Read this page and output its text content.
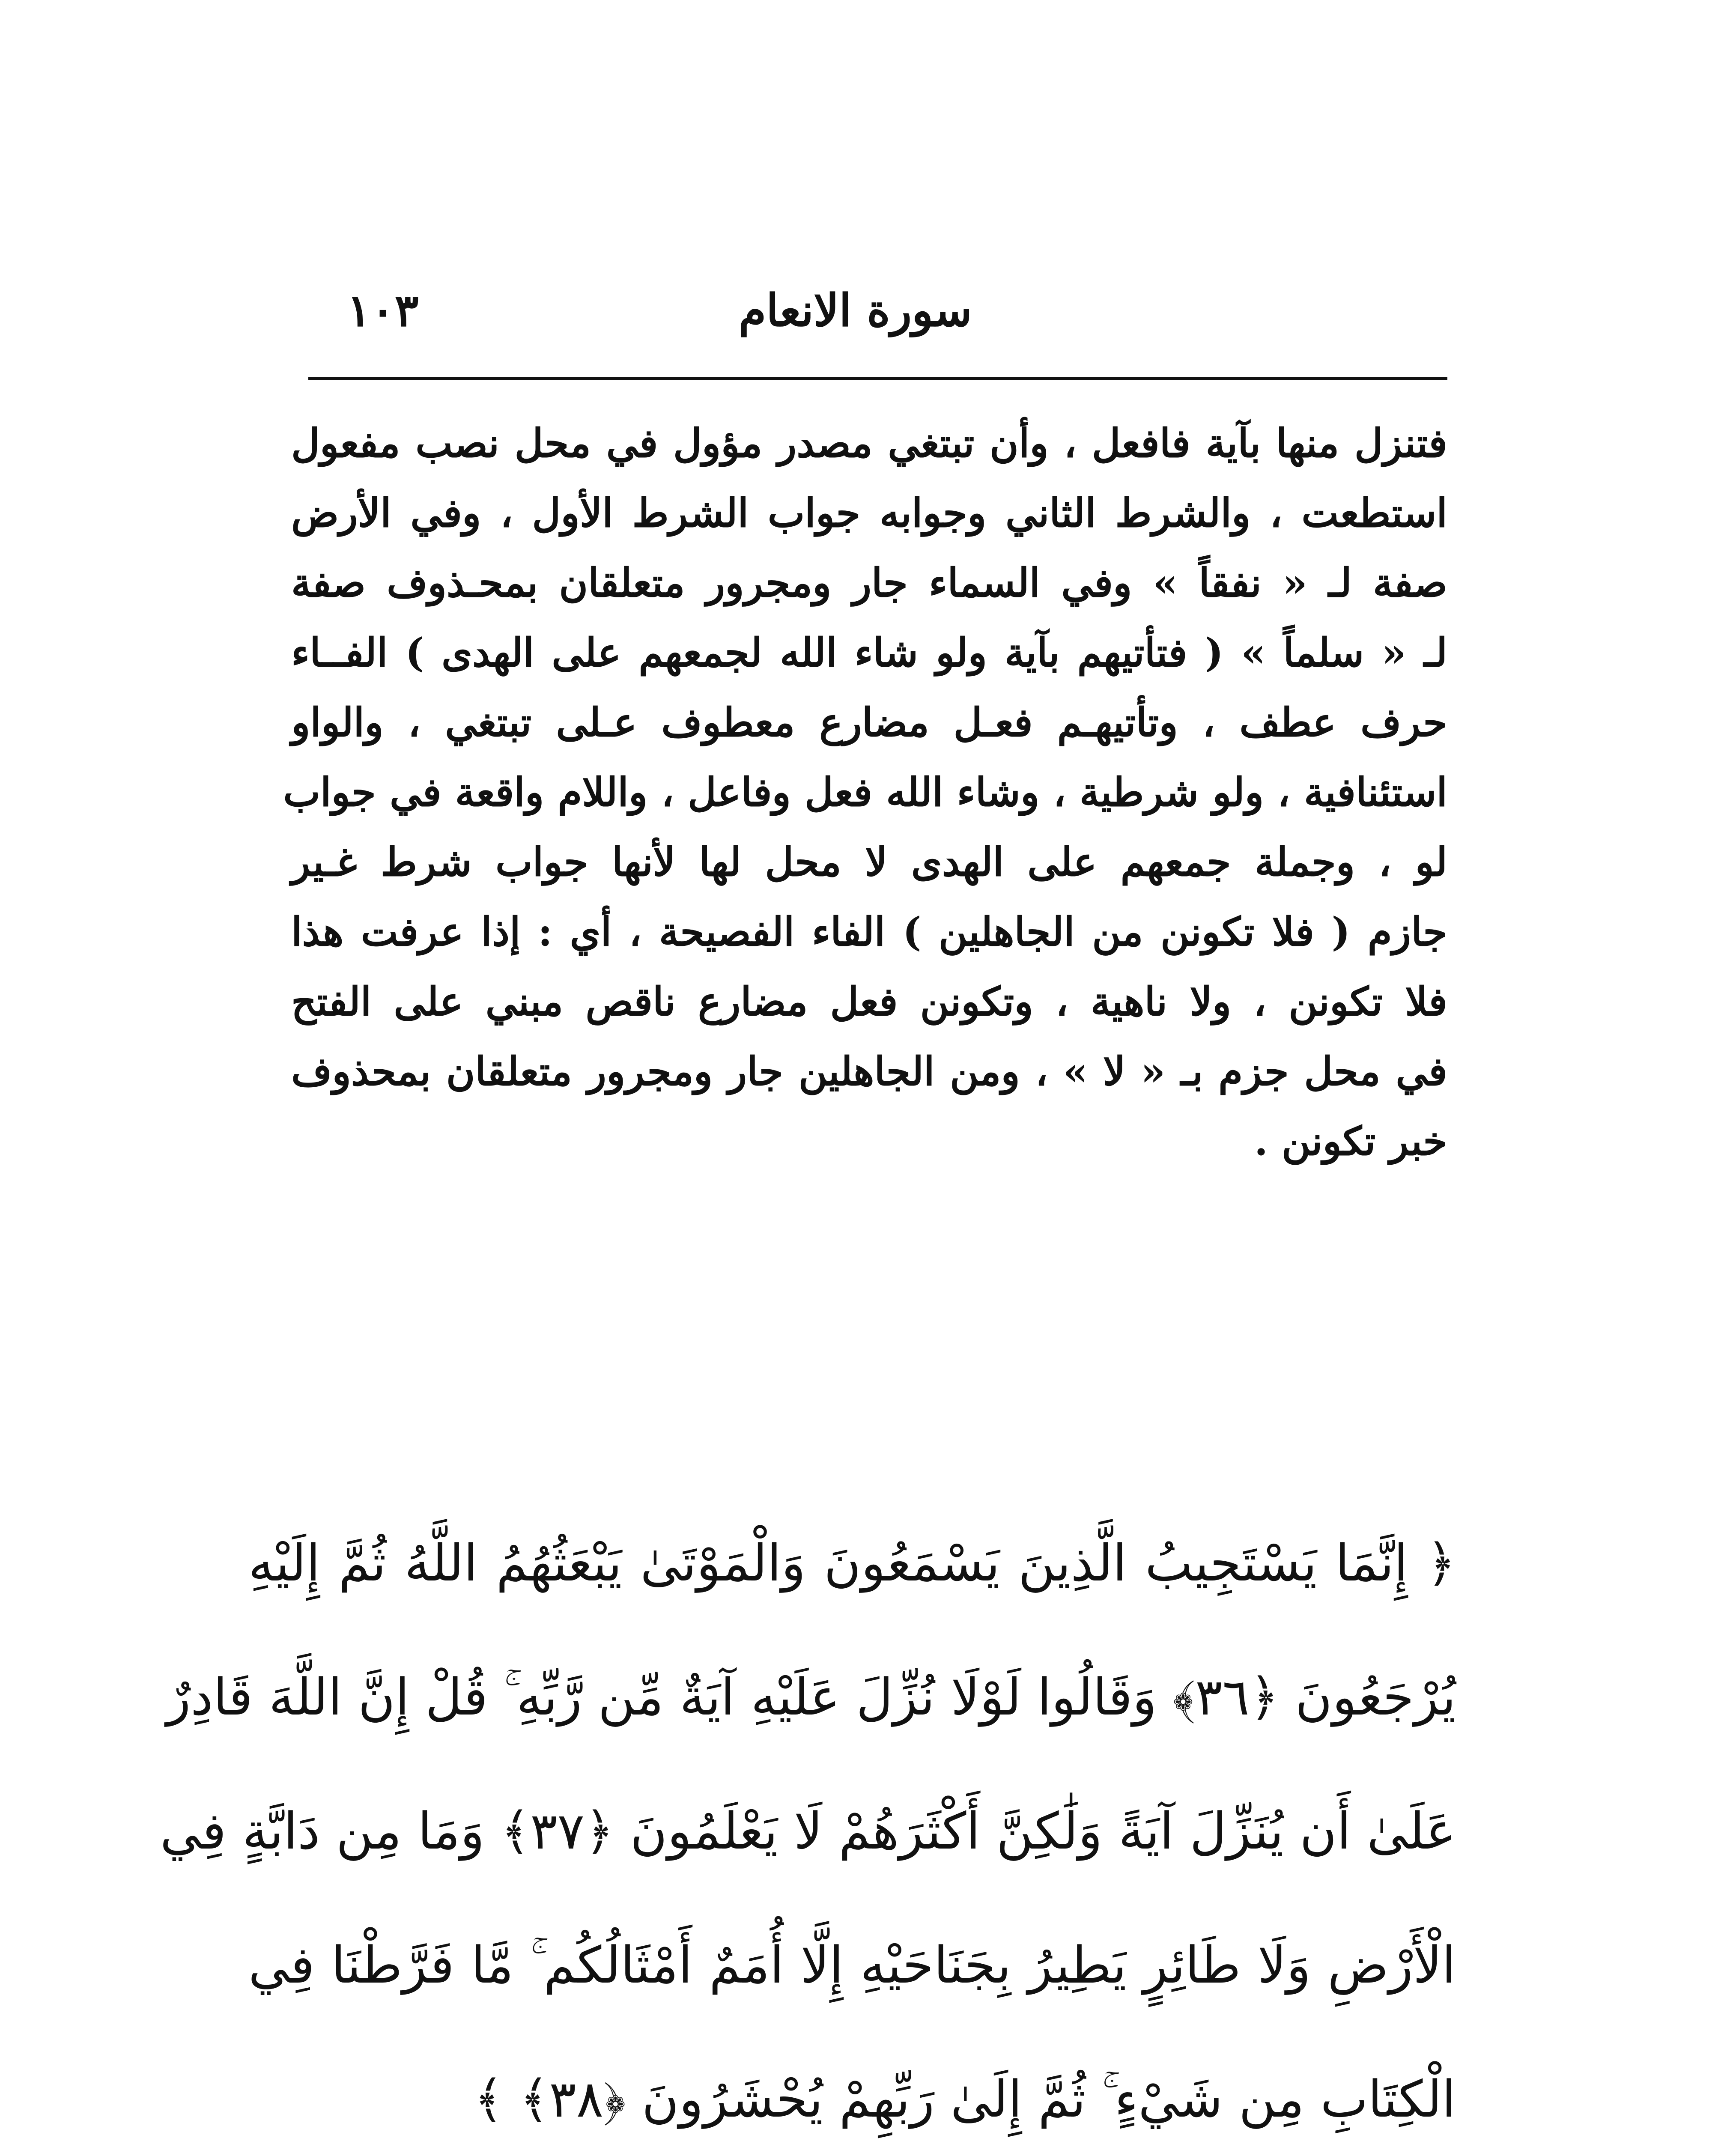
سورة الانعام
١٠٣
فتنزل منها بآية فافعل ، وأن تبتغي مصدر مؤول في محل نصب مفعول
استطعت ، والشرط الثاني وجوابه جواب الشرط الأول ، وفي الأرض
صفة لـ « نفقاً » وفي السماء جار ومجرور متعلقان بمحـذوف صفة
لـ « سلماً » ( فتأتيهم بآية ولو شاء الله لجمعهم على الهدى ) الفــاء
حرف عطف ، وتأتيهـم فعـل مضارع معطوف عـلى تبتغي ، والواو
استئنافية ، ولو شرطية ، وشاء الله فعل وفاعل ، واللام واقعة في جواب
لو ، وجملة جمعهم على الهدى لا محل لها لأنها جواب شرط غـير
جازم ( فلا تكونن من الجاهلين ) الفاء الفصيحة ، أي : إذا عرفت هذا
فلا تكونن ، ولا ناهية ، وتكونن فعل مضارع ناقص مبني على الفتح
في محل جزم بـ « لا » ، ومن الجاهلين جار ومجرور متعلقان بمحذوف
خبر تكونن .
﴿ إِنَّمَا يَسْتَجِيبُ الَّذِينَ يَسْمَعُونَ وَالْمَوْتَىٰ يَبْعَثُهُمُ اللَّهُ ثُمَّ إِلَيْهِ
يُرْجَعُونَ ﴿٣٦﴾ وَقَالُوا لَوْلَا نُزِّلَ عَلَيْهِ آيَةٌ مِّن رَّبِّهِ ۚ قُلْ إِنَّ اللَّهَ قَادِرٌ
عَلَىٰ أَن يُنَزِّلَ آيَةً وَلَٰكِنَّ أَكْثَرَهُمْ لَا يَعْلَمُونَ ﴿٣٧﴾ وَمَا مِن دَابَّةٍ فِي
الْأَرْضِ وَلَا طَائِرٍ يَطِيرُ بِجَنَاحَيْهِ إِلَّا أُمَمٌ أَمْثَالُكُم ۚ مَّا فَرَّطْنَا فِي
الْكِتَابِ مِن شَيْءٍ ۚ ثُمَّ إِلَىٰ رَبِّهِمْ يُحْشَرُونَ ﴿٣٨﴾ ﴾
